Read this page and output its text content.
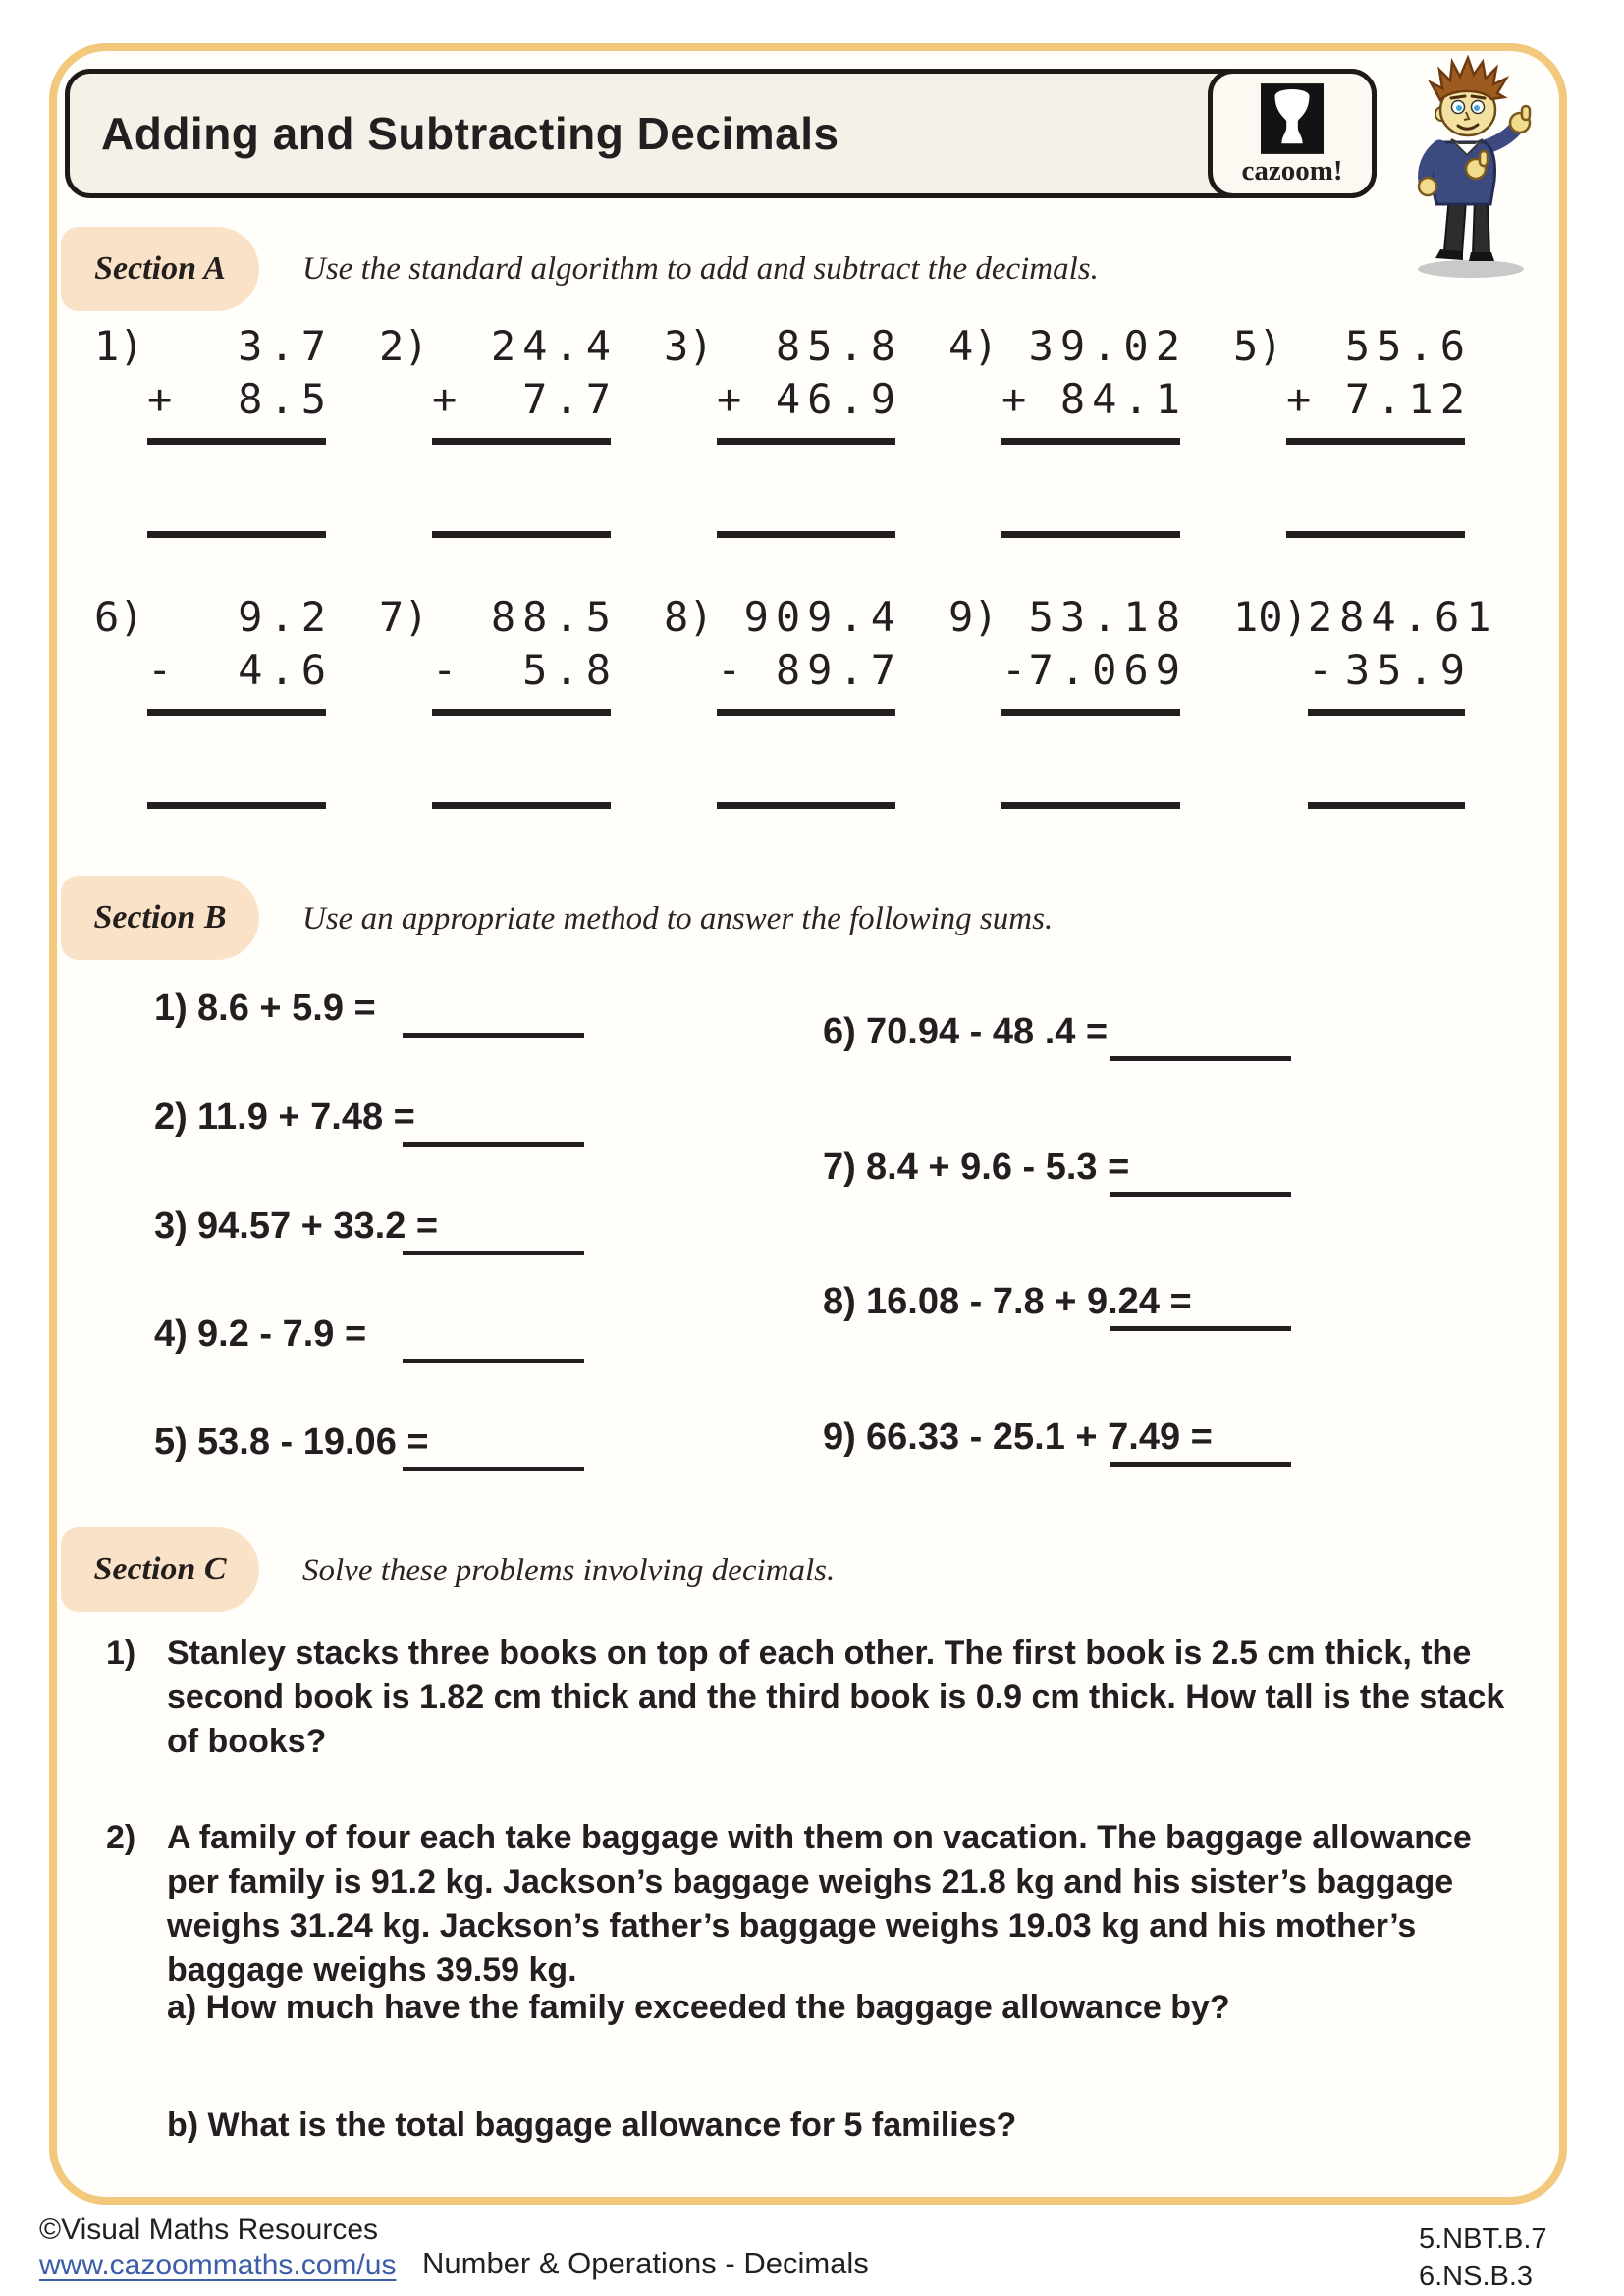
Adding and Subtracting Decimals
cazoom!
Section A Use the standard algorithm to add and subtract the decimals.
1)	3.7
+ 8.5
2)	24.4
+ 7.7
3)	85.8
+ 46.9
4) 39.02
+ 84.1
5)	55.6
+ 7.12
6)	9.2
- 4.6
7)	88.5
- 5.8
8) 909.4
- 89.7
9) 53.18
- 7.069
10) 284.61
- 35.9
Section B Use an appropriate method to answer the following sums.
1) 8.6 + 5.9 =
2) 11.9 + 7.48 =
3) 94.57 + 33.2 =
4) 9.2 - 7.9 =
5) 53.8 - 19.06 =
6) 70.94 - 48 .4 =
7) 8.4 + 9.6 - 5.3 =
8) 16.08 - 7.8 + 9.24 =
9) 66.33 - 25.1 + 7.49 =
Section C Solve these problems involving decimals.
1) Stanley stacks three books on top of each other. The first book is 2.5 cm thick, the second book is 1.82 cm thick and the third book is 0.9 cm thick. How tall is the stack of books?
2) A family of four each take baggage with them on vacation. The baggage allowance per family is 91.2 kg. Jackson’s baggage weighs 21.8 kg and his sister’s baggage weighs 31.24 kg. Jackson’s father’s baggage weighs 19.03 kg and his mother’s baggage weighs 39.59 kg.
a) How much have the family exceeded the baggage allowance by?
b) What is the total baggage allowance for 5 families?
©Visual Maths Resources
www.cazoommaths.com/us Number & Operations - Decimals
5.NBT.B.7
6.NS.B.3
